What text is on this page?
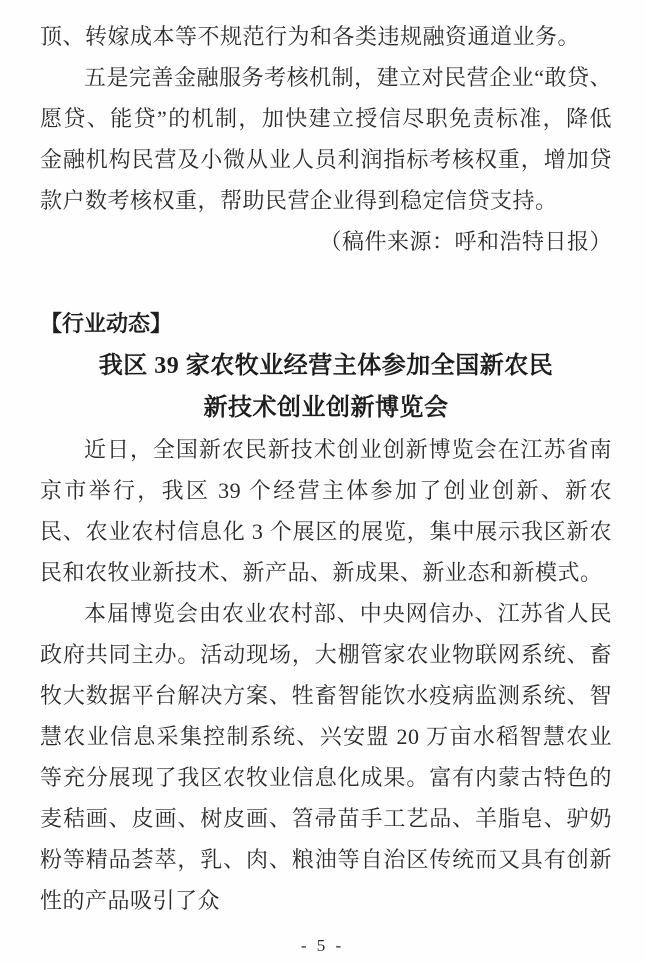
顶、转嫁成本等不规范行为和各类违规融资通道业务。

五是完善金融服务考核机制，建立对民营企业“敢贷、愿贷、能贷”的机制，加快建立授信尽职免责标准，降低金融机构民营及小微从业人员利润指标考核权重，增加贷款户数考核权重，帮助民营企业得到稳定信贷支持。

（稿件来源：呼和浩特日报）

【行业动态】
我区 39 家农牧业经营主体参加全国新农民
新技术创业创新博览会

近日，全国新农民新技术创业创新博览会在江苏省南京市举行，我区 39 个经营主体参加了创业创新、新农民、农业农村信息化 3 个展区的展览，集中展示我区新农民和农牧业新技术、新产品、新成果、新业态和新模式。

本届博览会由农业农村部、中央网信办、江苏省人民政府共同主办。活动现场，大棚管家农业物联网系统、畜牧大数据平台解决方案、牲畜智能饮水疫病监测系统、智慧农业信息采集控制系统、兴安盟 20 万亩水稻智慧农业等充分展现了我区农牧业信息化成果。富有内蒙古特色的麦秸画、皮画、树皮画、笤帚苗手工艺品、羊脂皂、驴奶粉等精品荟萃，乳、肉、粮油等自治区传统而又具有创新性的产品吸引了众

- 5 -
